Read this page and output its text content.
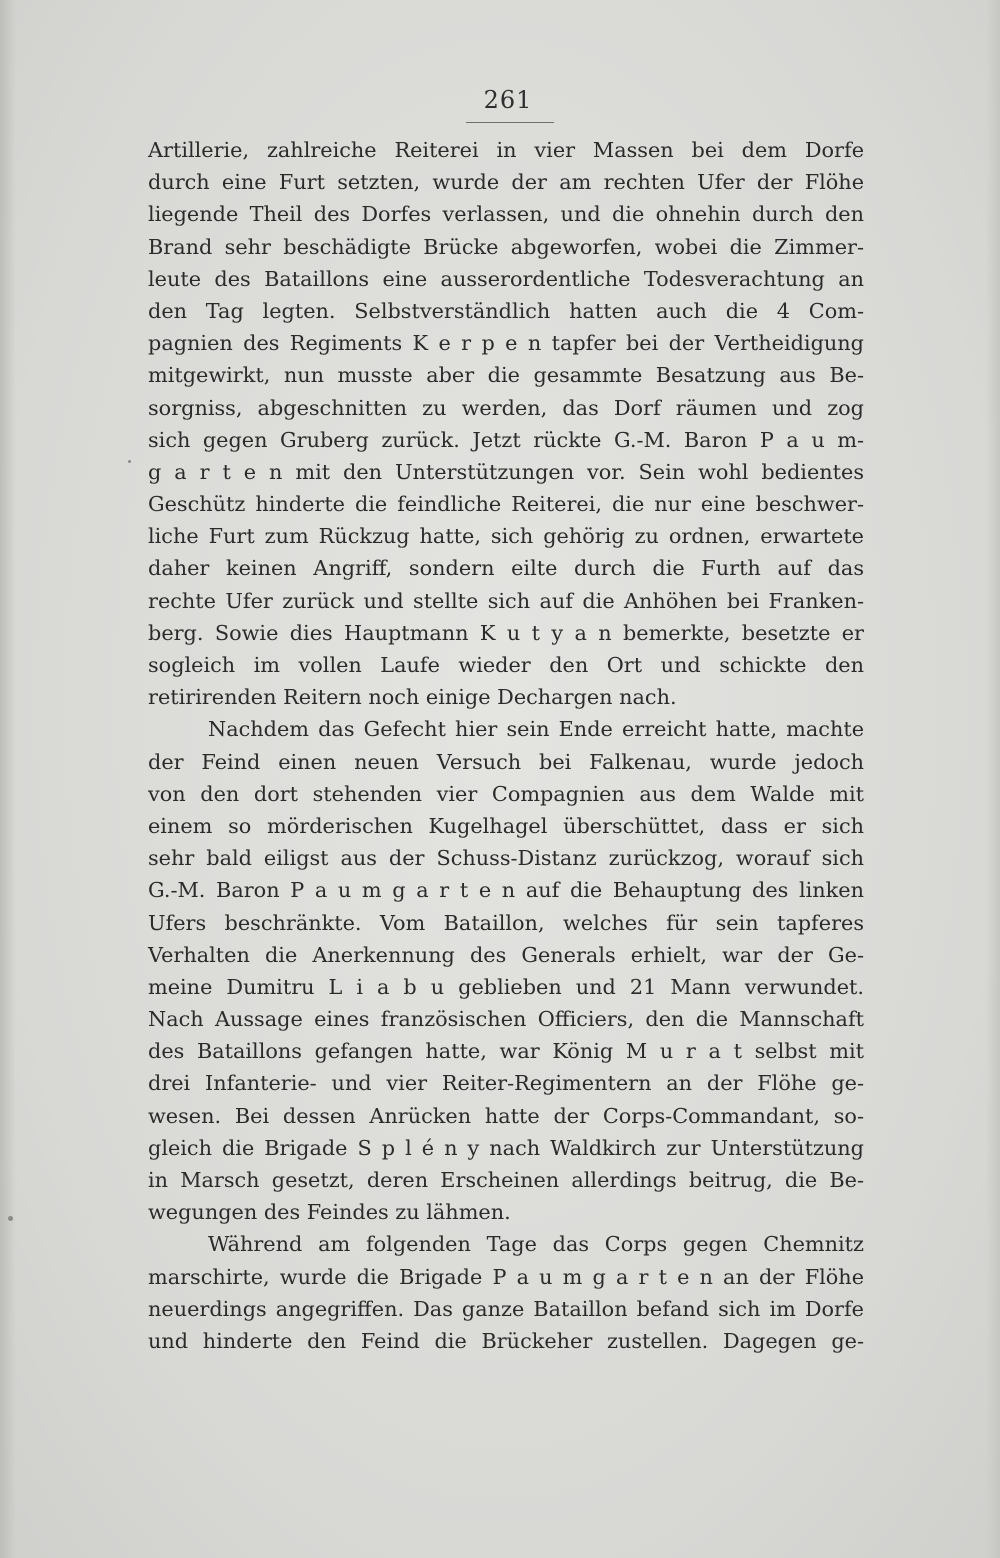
261
Artillerie, zahlreiche Reiterei in vier Massen bei dem Dorfe
durch eine Furt setzten, wurde der am rechten Ufer der Flöhe
liegende Theil des Dorfes verlassen, und die ohnehin durch den
Brand sehr beschädigte Brücke abgeworfen, wobei die Zimmer-
leute des Bataillons eine ausserordentliche Todesverachtung an
den Tag legten. Selbstverständlich hatten auch die 4 Com-
pagnien des Regiments K e r p e n tapfer bei der Vertheidigung
mitgewirkt, nun musste aber die gesammte Besatzung aus Be-
sorgniss, abgeschnitten zu werden, das Dorf räumen und zog
sich gegen Gruberg zurück. Jetzt rückte G.-M. Baron P a u m-
g a r t e n mit den Unterstützungen vor. Sein wohl bedientes
Geschütz hinderte die feindliche Reiterei, die nur eine beschwer-
liche Furt zum Rückzug hatte, sich gehörig zu ordnen, erwartete
daher keinen Angriff, sondern eilte durch die Furth auf das
rechte Ufer zurück und stellte sich auf die Anhöhen bei Franken-
berg. Sowie dies Hauptmann K u t y a n bemerkte, besetzte er
sogleich im vollen Laufe wieder den Ort und schickte den
retirirenden Reitern noch einige Dechargen nach.
Nachdem das Gefecht hier sein Ende erreicht hatte, machte
der Feind einen neuen Versuch bei Falkenau, wurde jedoch
von den dort stehenden vier Compagnien aus dem Walde mit
einem so mörderischen Kugelhagel überschüttet, dass er sich
sehr bald eiligst aus der Schuss-Distanz zurückzog, worauf sich
G.-M. Baron P a u m g a r t e n auf die Behauptung des linken
Ufers beschränkte. Vom Bataillon, welches für sein tapferes
Verhalten die Anerkennung des Generals erhielt, war der Ge-
meine Dumitru L i a b u geblieben und 21 Mann verwundet.
Nach Aussage eines französischen Officiers, den die Mannschaft
des Bataillons gefangen hatte, war König M u r a t selbst mit
drei Infanterie- und vier Reiter-Regimentern an der Flöhe ge-
wesen. Bei dessen Anrücken hatte der Corps-Commandant, so-
gleich die Brigade S p l é n y nach Waldkirch zur Unterstützung
in Marsch gesetzt, deren Erscheinen allerdings beitrug, die Be-
wegungen des Feindes zu lähmen.
Während am folgenden Tage das Corps gegen Chemnitz
marschirte, wurde die Brigade P a u m g a r t e n an der Flöhe
neuerdings angegriffen. Das ganze Bataillon befand sich im Dorfe
und hinderte den Feind die Brückeher zustellen. Dagegen ge-
